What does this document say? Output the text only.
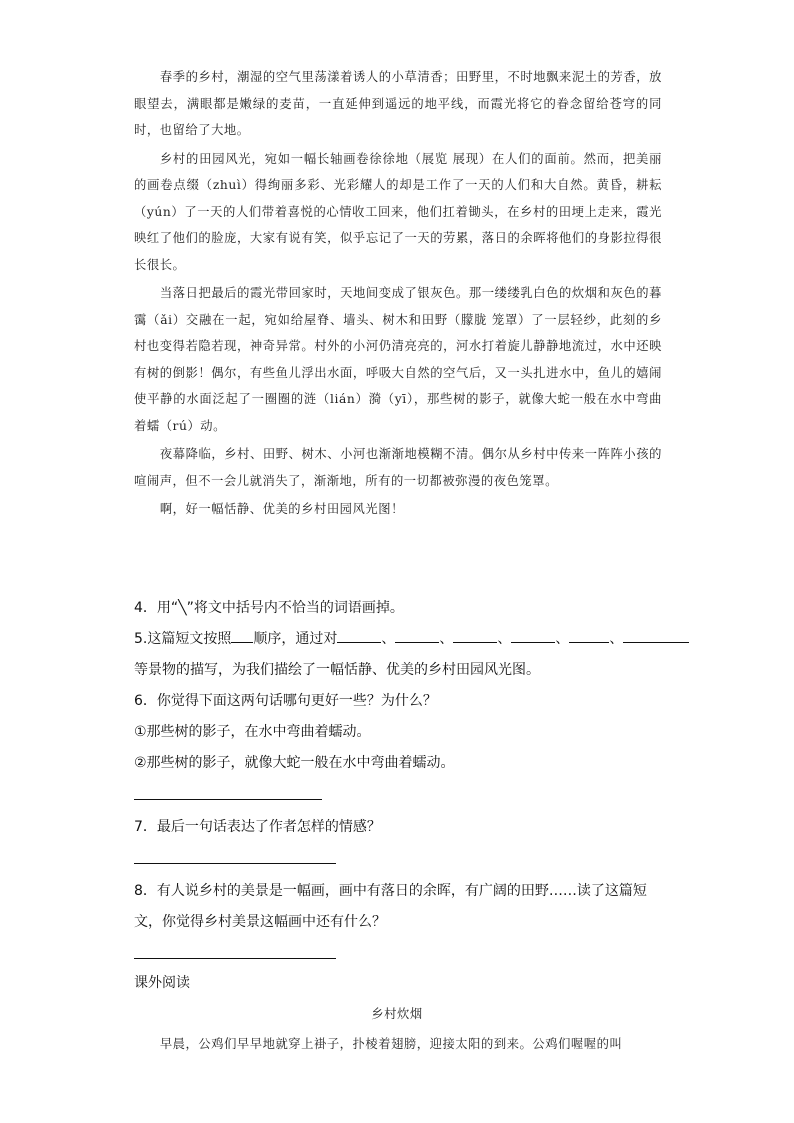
春季的乡村，潮湿的空气里荡漾着诱人的小草清香；田野里，不时地飘来泥土的芳香，放眼望去，满眼都是嫩绿的麦苗，一直延伸到遥远的地平线，而霞光将它的眷念留给苍穹的同时，也留给了大地。

乡村的田园风光，宛如一幅长轴画卷徐徐地（展览 展现）在人们的面前。然而，把美丽的画卷点缀（zhuì）得绚丽多彩、光彩耀人的却是工作了一天的人们和大自然。黄昏，耕耘（yún）了一天的人们带着喜悦的心情收工回来，他们扛着锄头，在乡村的田埂上走来，霞光映红了他们的脸庞，大家有说有笑，似乎忘记了一天的劳累，落日的余晖将他们的身影拉得很长很长。

当落日把最后的霞光带回家时，天地间变成了银灰色。那一缕缕乳白色的炊烟和灰色的暮霭（ǎi）交融在一起，宛如给屋脊、墙头、树木和田野（朦胧 笼罩）了一层轻纱，此刻的乡村也变得若隐若现，神奇异常。村外的小河仍清亮亮的，河水打着旋儿静静地流过，水中还映有树的倒影！偶尔，有些鱼儿浮出水面，呼吸大自然的空气后，又一头扎进水中，鱼儿的嬉闹使平静的水面泛起了一圈圈的涟（lián）漪（yī），那些树的影子，就像大蛇一般在水中弯曲着蠕（rú）动。

夜幕降临，乡村、田野、树木、小河也渐渐地模糊不清。偶尔从乡村中传来一阵阵小孩的喧闹声，但不一会儿就消失了，渐渐地，所有的一切都被弥漫的夜色笼罩。

啊，好一幅恬静、优美的乡村田园风光图！

4．用“╲”将文中括号内不恰当的词语画掉。

5.这篇短文按照 顺序，通过对	、	、	、	、	、

等景物的描写，为我们描绘了一幅恬静、优美的乡村田园风光图。

6．你觉得下面这两句话哪句更好一些？为什么？

①那些树的影子，在水中弯曲着蠕动。

②那些树的影子，就像大蛇一般在水中弯曲着蠕动。

7．最后一句话表达了作者怎样的情感？

8．有人说乡村的美景是一幅画，画中有落日的余晖，有广阔的田野……读了这篇短文，你觉得乡村美景这幅画中还有什么？

课外阅读
乡村炊烟
早晨，公鸡们早早地就穿上褂子，扑棱着翅膀，迎接太阳的到来。公鸡们喔喔的叫
